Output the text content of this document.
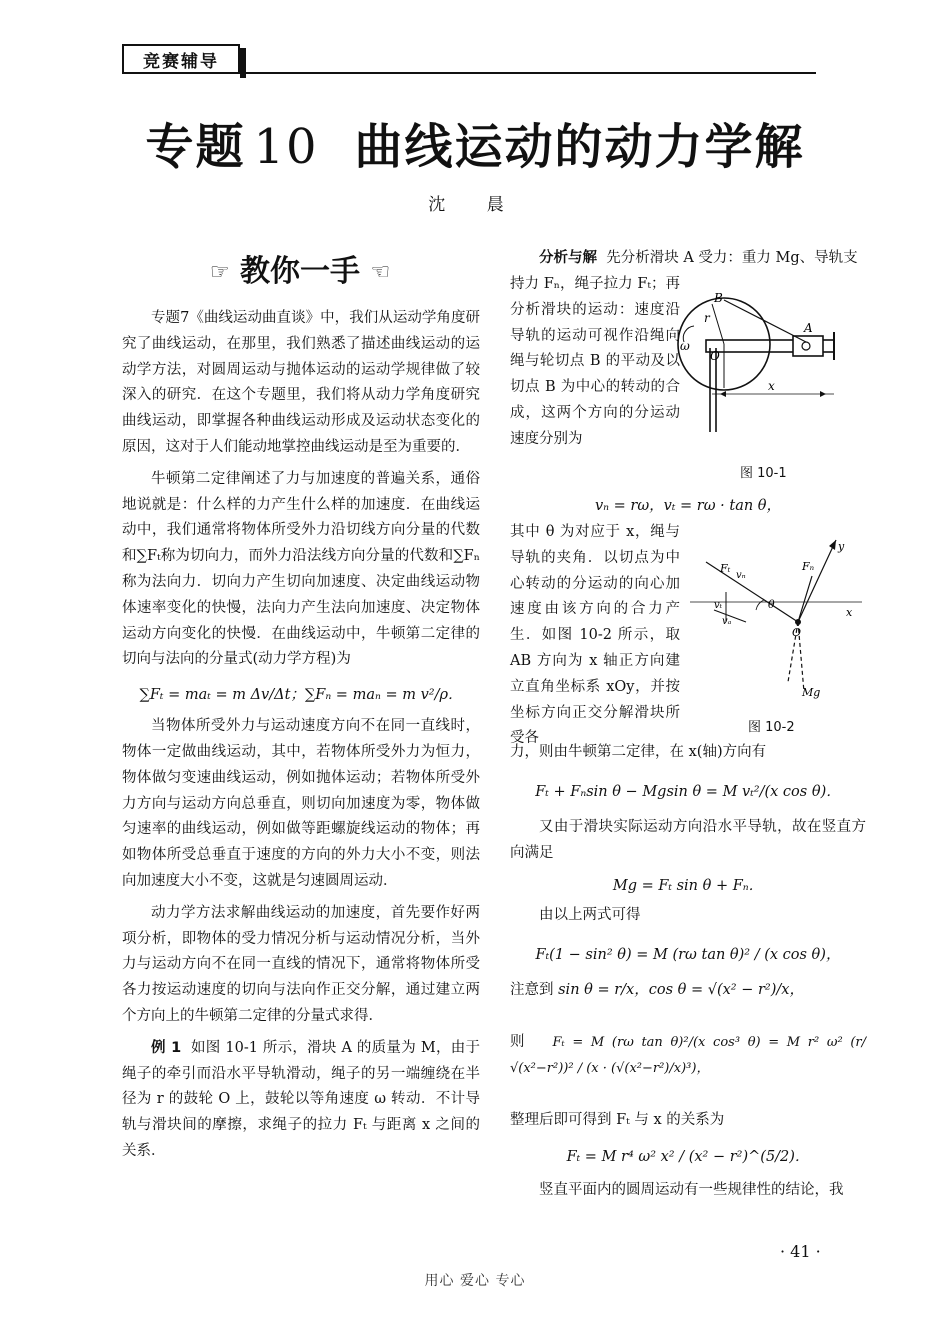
竞赛辅导
专题 10 曲线运动的动力学解
沈 晨
☞ 教你一手 ☜

专题7《曲线运动曲直谈》中，我们从运动学角度研究了曲线运动，在那里，我们熟悉了描述曲线运动的运动学方法，对圆周运动与抛体运动的运动学规律做了较深入的研究．在这个专题里，我们将从动力学角度研究曲线运动，即掌握各种曲线运动形成及运动状态变化的原因，这对于人们能动地掌控曲线运动是至为重要的．

牛顿第二定律阐述了力与加速度的普遍关系，通俗地说就是：什么样的力产生什么样的加速度．在曲线运动中，我们通常将物体所受外力沿切线方向分量的代数和∑Fₜ称为切向力，而外力沿法线方向分量的代数和∑Fₙ称为法向力．切向力产生切向加速度、决定曲线运动物体速率变化的快慢，法向力产生法向加速度、决定物体运动方向变化的快慢．在曲线运动中，牛顿第二定律的切向与法向的分量式(动力学方程)为

∑Fₜ = maₜ = m Δv/Δt；∑Fₙ = maₙ = m v²/ρ．

当物体所受外力与运动速度方向不在同一直线时，物体一定做曲线运动，其中，若物体所受外力为恒力，物体做匀变速曲线运动，例如抛体运动；若物体所受外力方向与运动方向总垂直，则切向加速度为零，物体做匀速率的曲线运动，例如做等距螺旋线运动的物体；再如物体所受总垂直于速度的方向的外力大小不变，则法向加速度大小不变，这就是匀速圆周运动．

动力学方法求解曲线运动的加速度，首先要作好两项分析，即物体的受力情况分析与运动情况分析，当外力与运动方向不在同一直线的情况下，通常将物体所受各力按运动速度的切向与法向作正交分解，通过建立两个方向上的牛顿第二定律的分量式求得．

例 1 如图 10-1 所示，滑块 A 的质量为 M，由于绳子的牵引而沿水平导轨滑动，绳子的另一端缠绕在半径为 r 的鼓轮 O 上，鼓轮以等角速度 ω 转动．不计导轨与滑块间的摩擦，求绳子的拉力 Fₜ 与距离 x 之间的关系．

分析与解 先分析滑块 A 受力：重力 Mg、导轨支

持力 Fₙ，绳子拉力 Fₜ；再分析滑块的运动：速度沿导轨的运动可视作沿绳向绳与轮切点 B 的平动及以切点 B 为中心的转动的合成，这两个方向的分运动速度分别为

B
r
ω
O
A
x
图 10-1
vₙ = rω，vₜ = rω · tan θ，

其中 θ 为对应于 x，绳与导轨的夹角．以切点为中心转动的分运动的向心加速度由该方向的合力产生．如图 10-2 所示，取 AB 方向为 x 轴正方向建立直角坐标系 xOy，并按坐标方向正交分解滑块所受各

y
Fₜ
vₙ
Fₙ
vₜ	θ
vₐ
O
x
Mg
图 10-2

力，则由牛顿第二定律，在 x(轴)方向有

Fₜ + Fₙsin θ − Mgsin θ = M vₜ²/(x cos θ)．

又由于滑块实际运动方向沿水平导轨，故在竖直方向满足

Mg = Fₜ sin θ + Fₙ．

由以上两式可得

Fₜ(1 − sin² θ) = M (rω tan θ)² / (x cos θ)，

注意到 sin θ = r/x，cos θ = √(x² − r²)/x，

则 Fₜ = M (rω tan θ)²/(x cos³ θ) = M r² ω² (r/√(x²−r²))² / (x · (√(x²−r²)/x)³)，

整理后即可得到 Fₜ 与 x 的关系为

Fₜ = M r⁴ ω² x² / (x² − r²)^(5/2)．

竖直平面内的圆周运动有一些规律性的结论，我

· 41 ·
用心 爱心 专心
